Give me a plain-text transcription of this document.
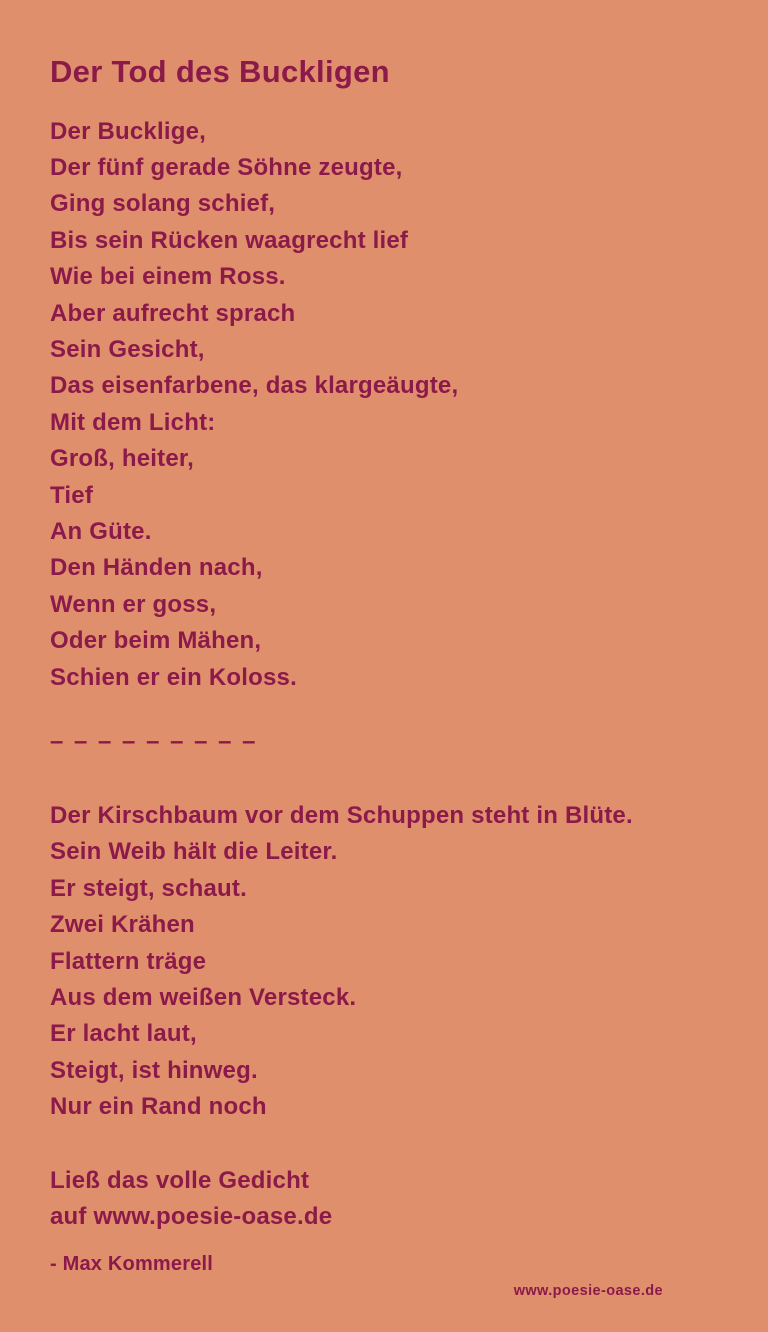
Der Tod des Buckligen
Der Bucklige,
Der fünf gerade Söhne zeugte,
Ging solang schief,
Bis sein Rücken waagrecht lief
Wie bei einem Ross.
Aber aufrecht sprach
Sein Gesicht,
Das eisenfarbene, das klargeäugte,
Mit dem Licht:
Groß, heiter,
Tief
An Güte.
Den Händen nach,
Wenn er goss,
Oder beim Mähen,
Schien er ein Koloss.
– – – – – – – – –
Der Kirschbaum vor dem Schuppen steht in Blüte.
Sein Weib hält die Leiter.
Er steigt, schaut.
Zwei Krähen
Flattern träge
Aus dem weißen Versteck.
Er lacht laut,
Steigt, ist hinweg.
Nur ein Rand noch
Ließ das volle Gedicht
auf www.poesie-oase.de
- Max Kommerell
www.poesie-oase.de
